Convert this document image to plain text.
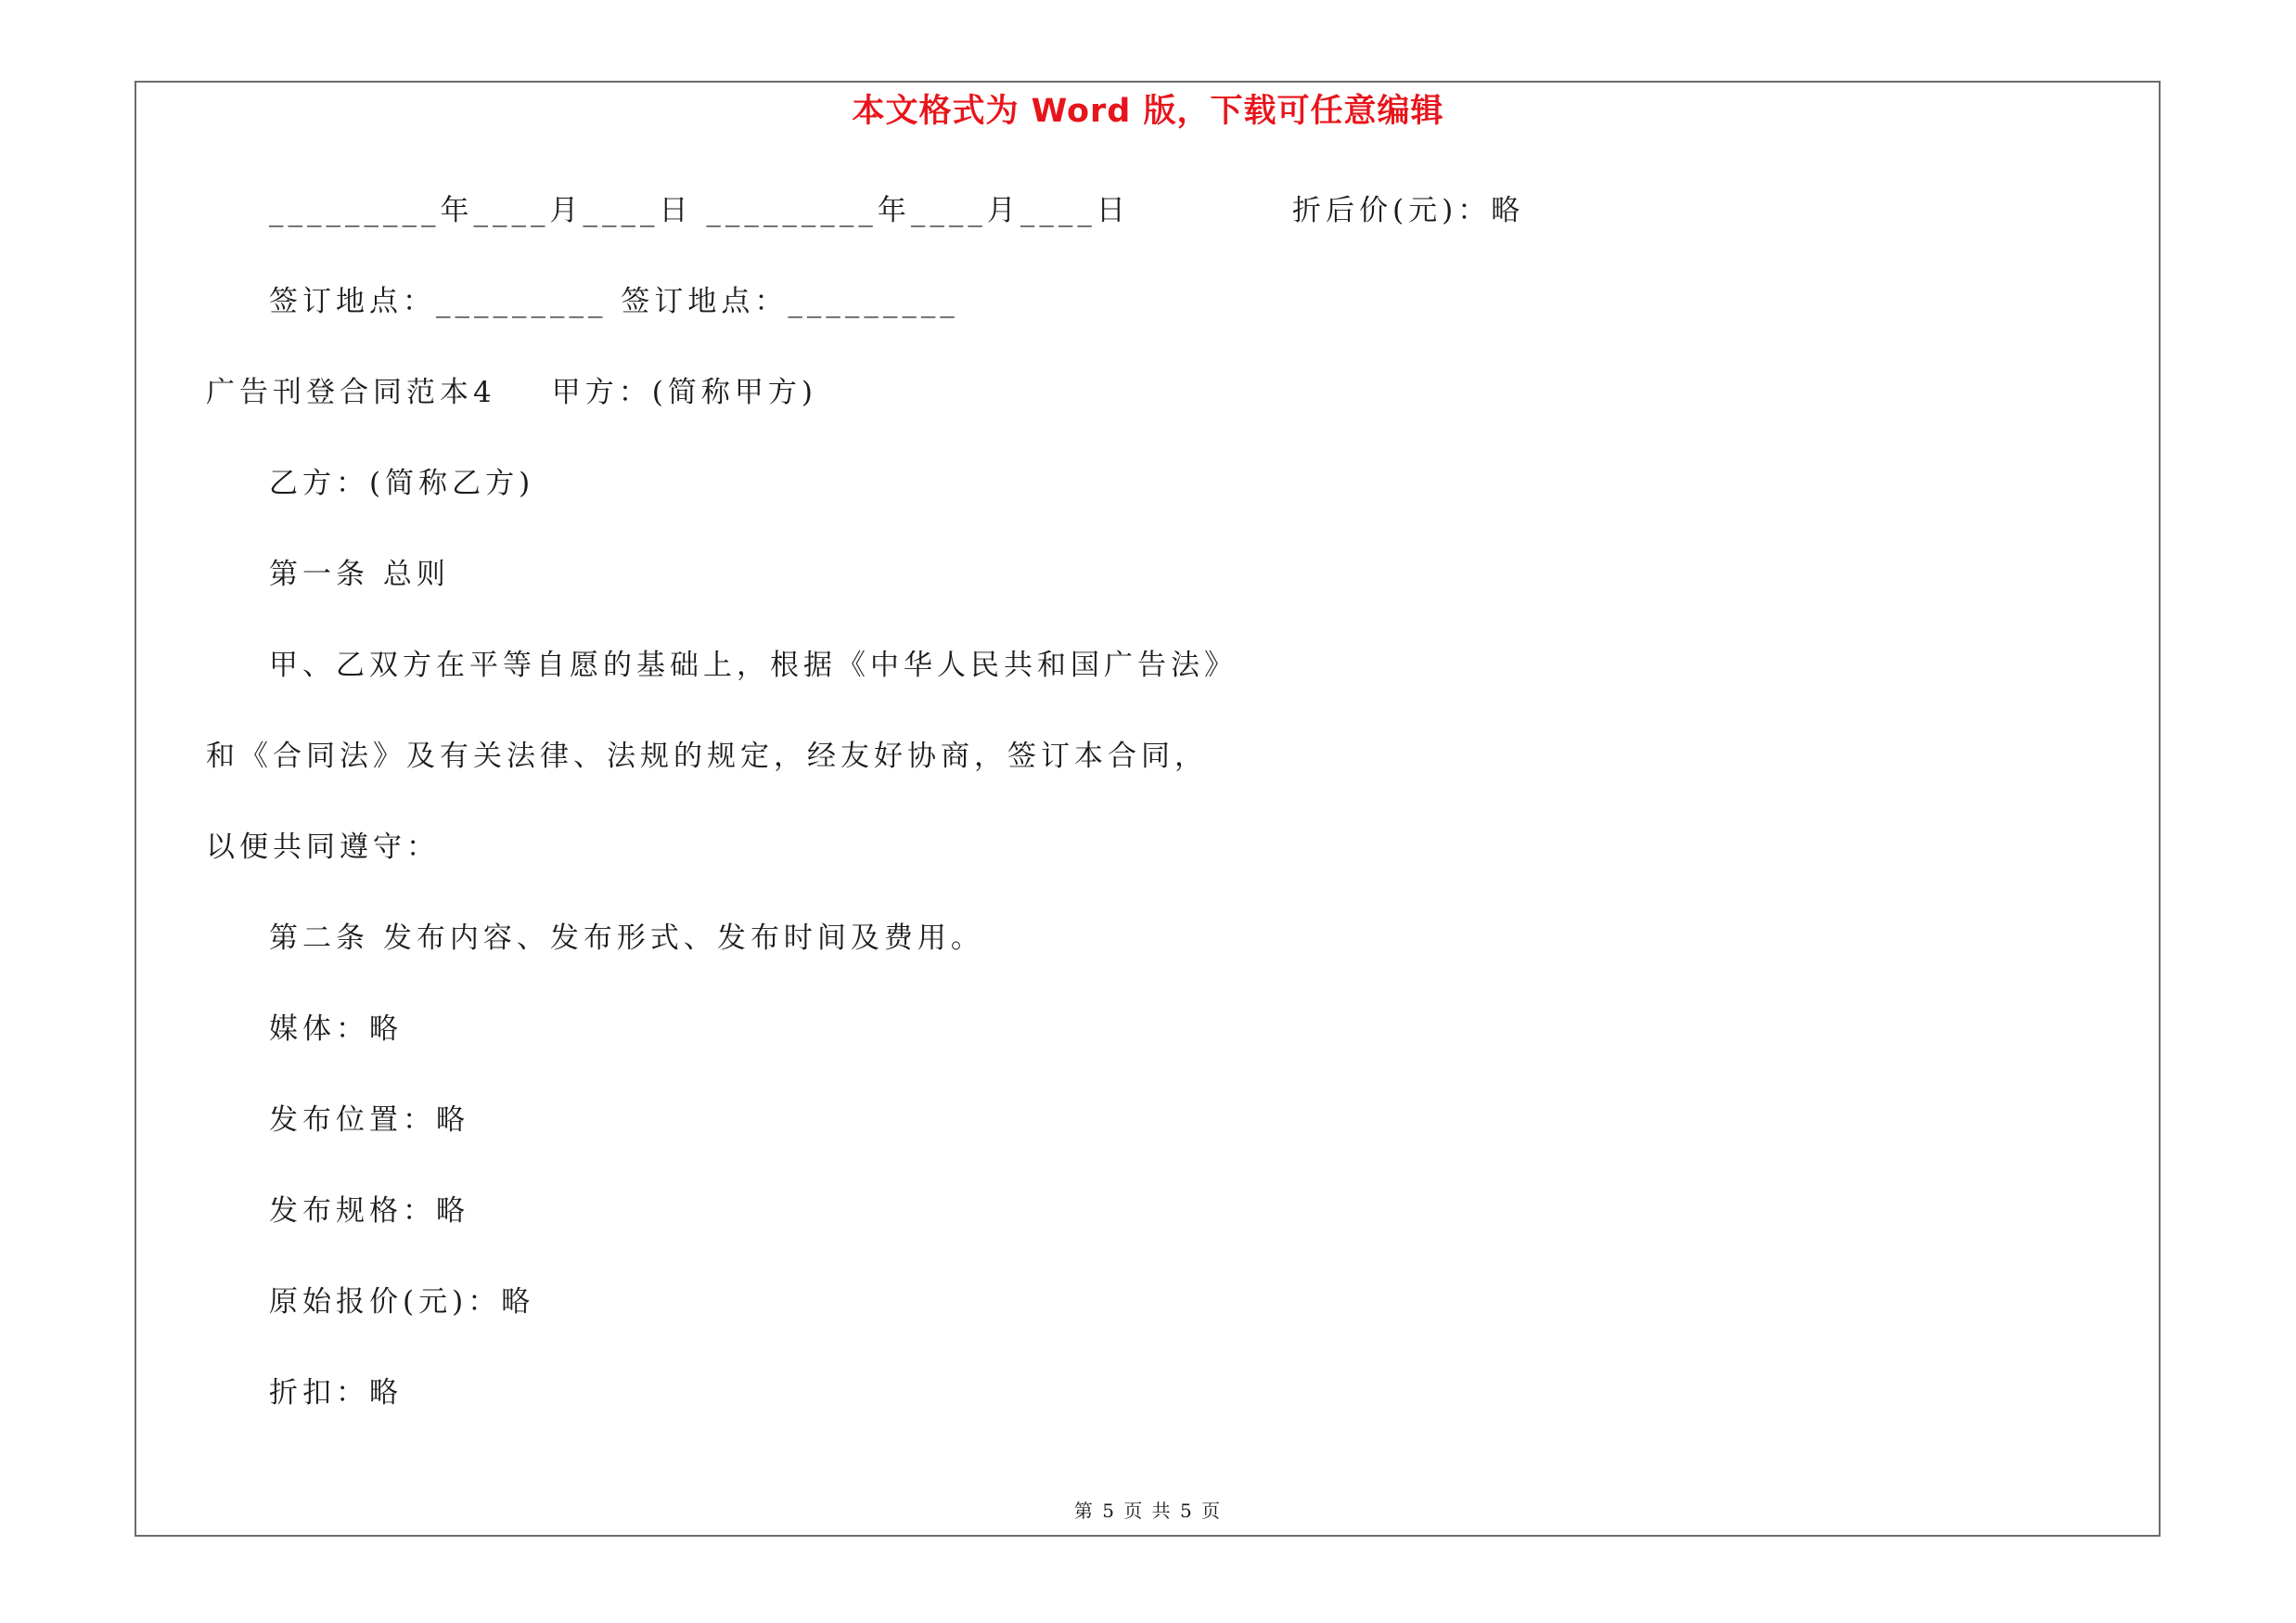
本文格式为 Word 版，下载可任意编辑
_________年____月____日 _________年____月____日	折后价(元)：略
签订地点：_________ 签订地点：_________
广告刊登合同范本4 甲方：(简称甲方)
乙方：(简称乙方)
第一条 总则
甲、乙双方在平等自愿的基础上，根据《中华人民共和国广告法》
和《合同法》及有关法律、法规的规定，经友好协商，签订本合同，
以便共同遵守：
第二条 发布内容、发布形式、发布时间及费用。
媒体：略
发布位置：略
发布规格：略
原始报价(元)：略
折扣：略
第 5 页 共 5 页
